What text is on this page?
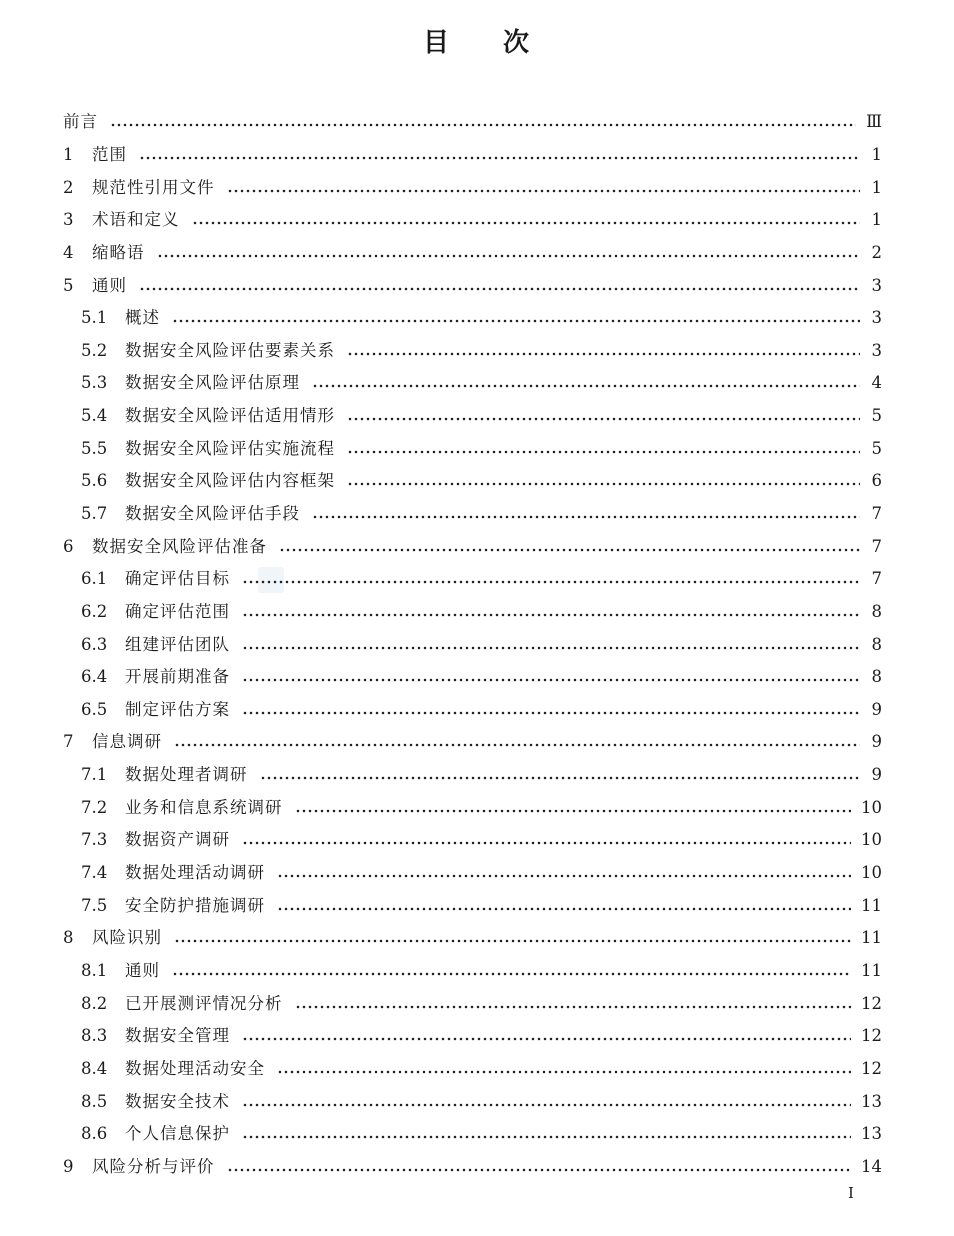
目 次
前言	Ⅲ
1	范围	1
2	规范性引用文件	1
3	术语和定义	1
4	缩略语	2
5	通则	3
5.1	概述	3
5.2	数据安全风险评估要素关系	3
5.3	数据安全风险评估原理	4
5.4	数据安全风险评估适用情形	5
5.5	数据安全风险评估实施流程	5
5.6	数据安全风险评估内容框架	6
5.7	数据安全风险评估手段	7
6	数据安全风险评估准备	7
6.1	确定评估目标	7
6.2	确定评估范围	8
6.3	组建评估团队	8
6.4	开展前期准备	8
6.5	制定评估方案	9
7	信息调研	9
7.1	数据处理者调研	9
7.2	业务和信息系统调研	10
7.3	数据资产调研	10
7.4	数据处理活动调研	10
7.5	安全防护措施调研	11
8	风险识别	11
8.1	通则	11
8.2	已开展测评情况分析	12
8.3	数据安全管理	12
8.4	数据处理活动安全	12
8.5	数据安全技术	13
8.6	个人信息保护	13
9	风险分析与评价	14
I
